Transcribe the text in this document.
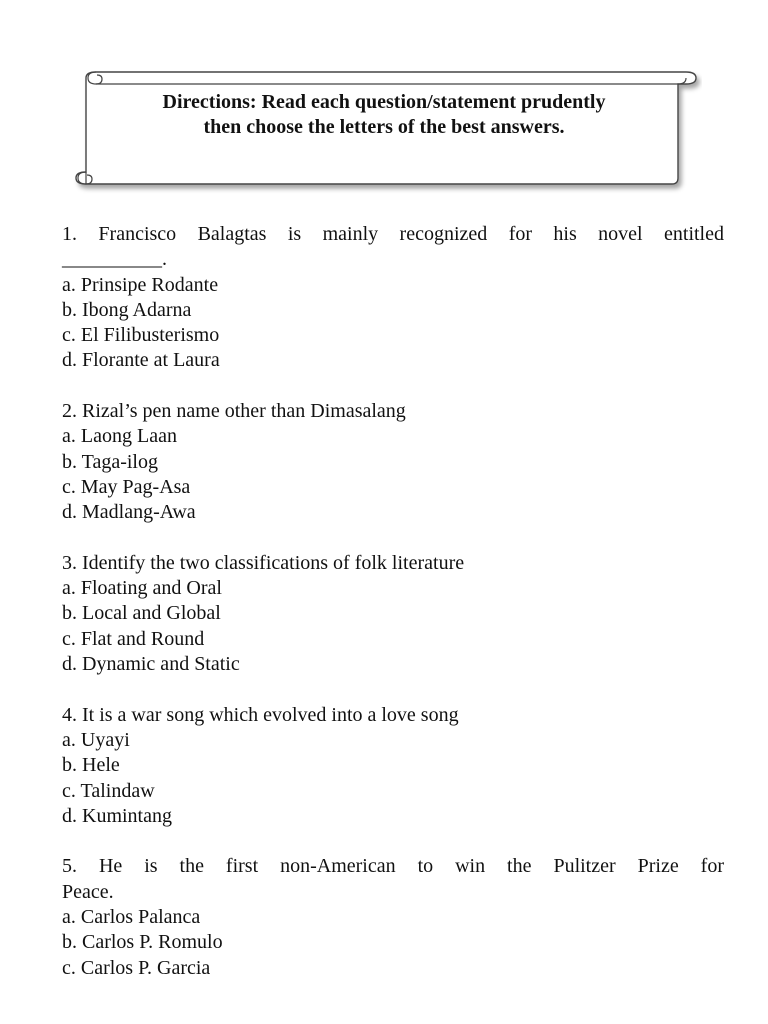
Directions: Read each question/statement prudently
then choose the letters of the best answers.
1. Francisco Balagtas is mainly recognized for his novel entitled
__________.
a. Prinsipe Rodante
b. Ibong Adarna
c. El Filibusterismo
d. Florante at Laura
2. Rizal’s pen name other than Dimasalang
a. Laong Laan
b. Taga-ilog
c. May Pag-Asa
d. Madlang-Awa
3. Identify the two classifications of folk literature
a. Floating and Oral
b. Local and Global
c. Flat and Round
d. Dynamic and Static
4. It is a war song which evolved into a love song
a. Uyayi
b. Hele
c. Talindaw
d. Kumintang
5. He is the first non-American to win the Pulitzer Prize for
Peace.
a. Carlos Palanca
b. Carlos P. Romulo
c. Carlos P. Garcia
